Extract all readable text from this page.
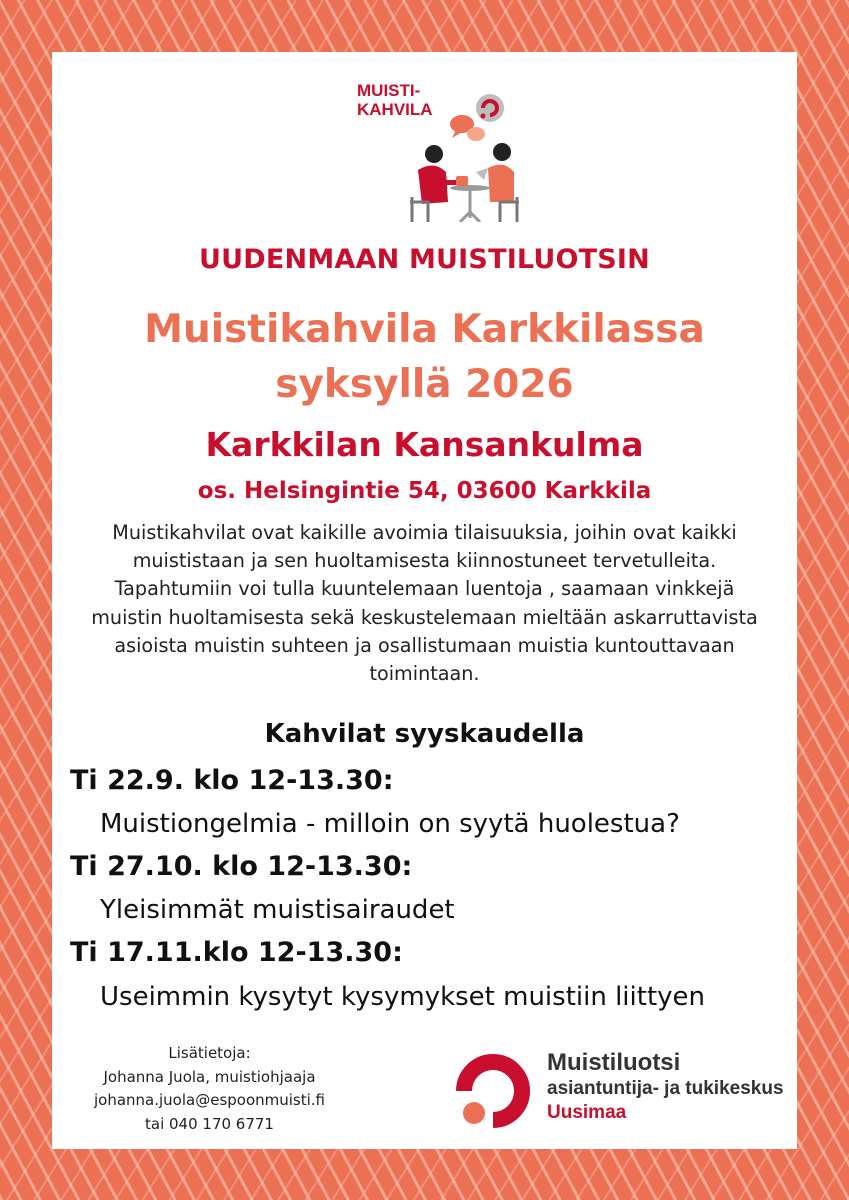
MUISTI-
KAHVILA
UUDENMAAN MUISTILUOTSIN
Muistikahvila Karkkilassa
syksyllä 2026
Karkkilan Kansankulma
os. Helsingintie 54, 03600 Karkkila
Muistikahvilat ovat kaikille avoimia tilaisuuksia, joihin ovat kaikki
muististaan ja sen huoltamisesta kiinnostuneet tervetulleita.
Tapahtumiin voi tulla kuuntelemaan luentoja , saamaan vinkkejä
muistin huoltamisesta sekä keskustelemaan mieltään askarruttavista
asioista muistin suhteen ja osallistumaan muistia kuntouttavaan
toimintaan.
Kahvilat syyskaudella
Ti 22.9. klo 12-13.30:
Muistiongelmia - milloin on syytä huolestua?
Ti 27.10. klo 12-13.30:
Yleisimmät muistisairaudet
Ti 17.11.klo 12-13.30:
Useimmin kysytyt kysymykset muistiin liittyen
Lisätietoja:
Johanna Juola, muistiohjaaja
johanna.juola@espoonmuisti.fi
tai 040 170 6771
Muistiluotsi
asiantuntija- ja tukikeskus
Uusimaa
